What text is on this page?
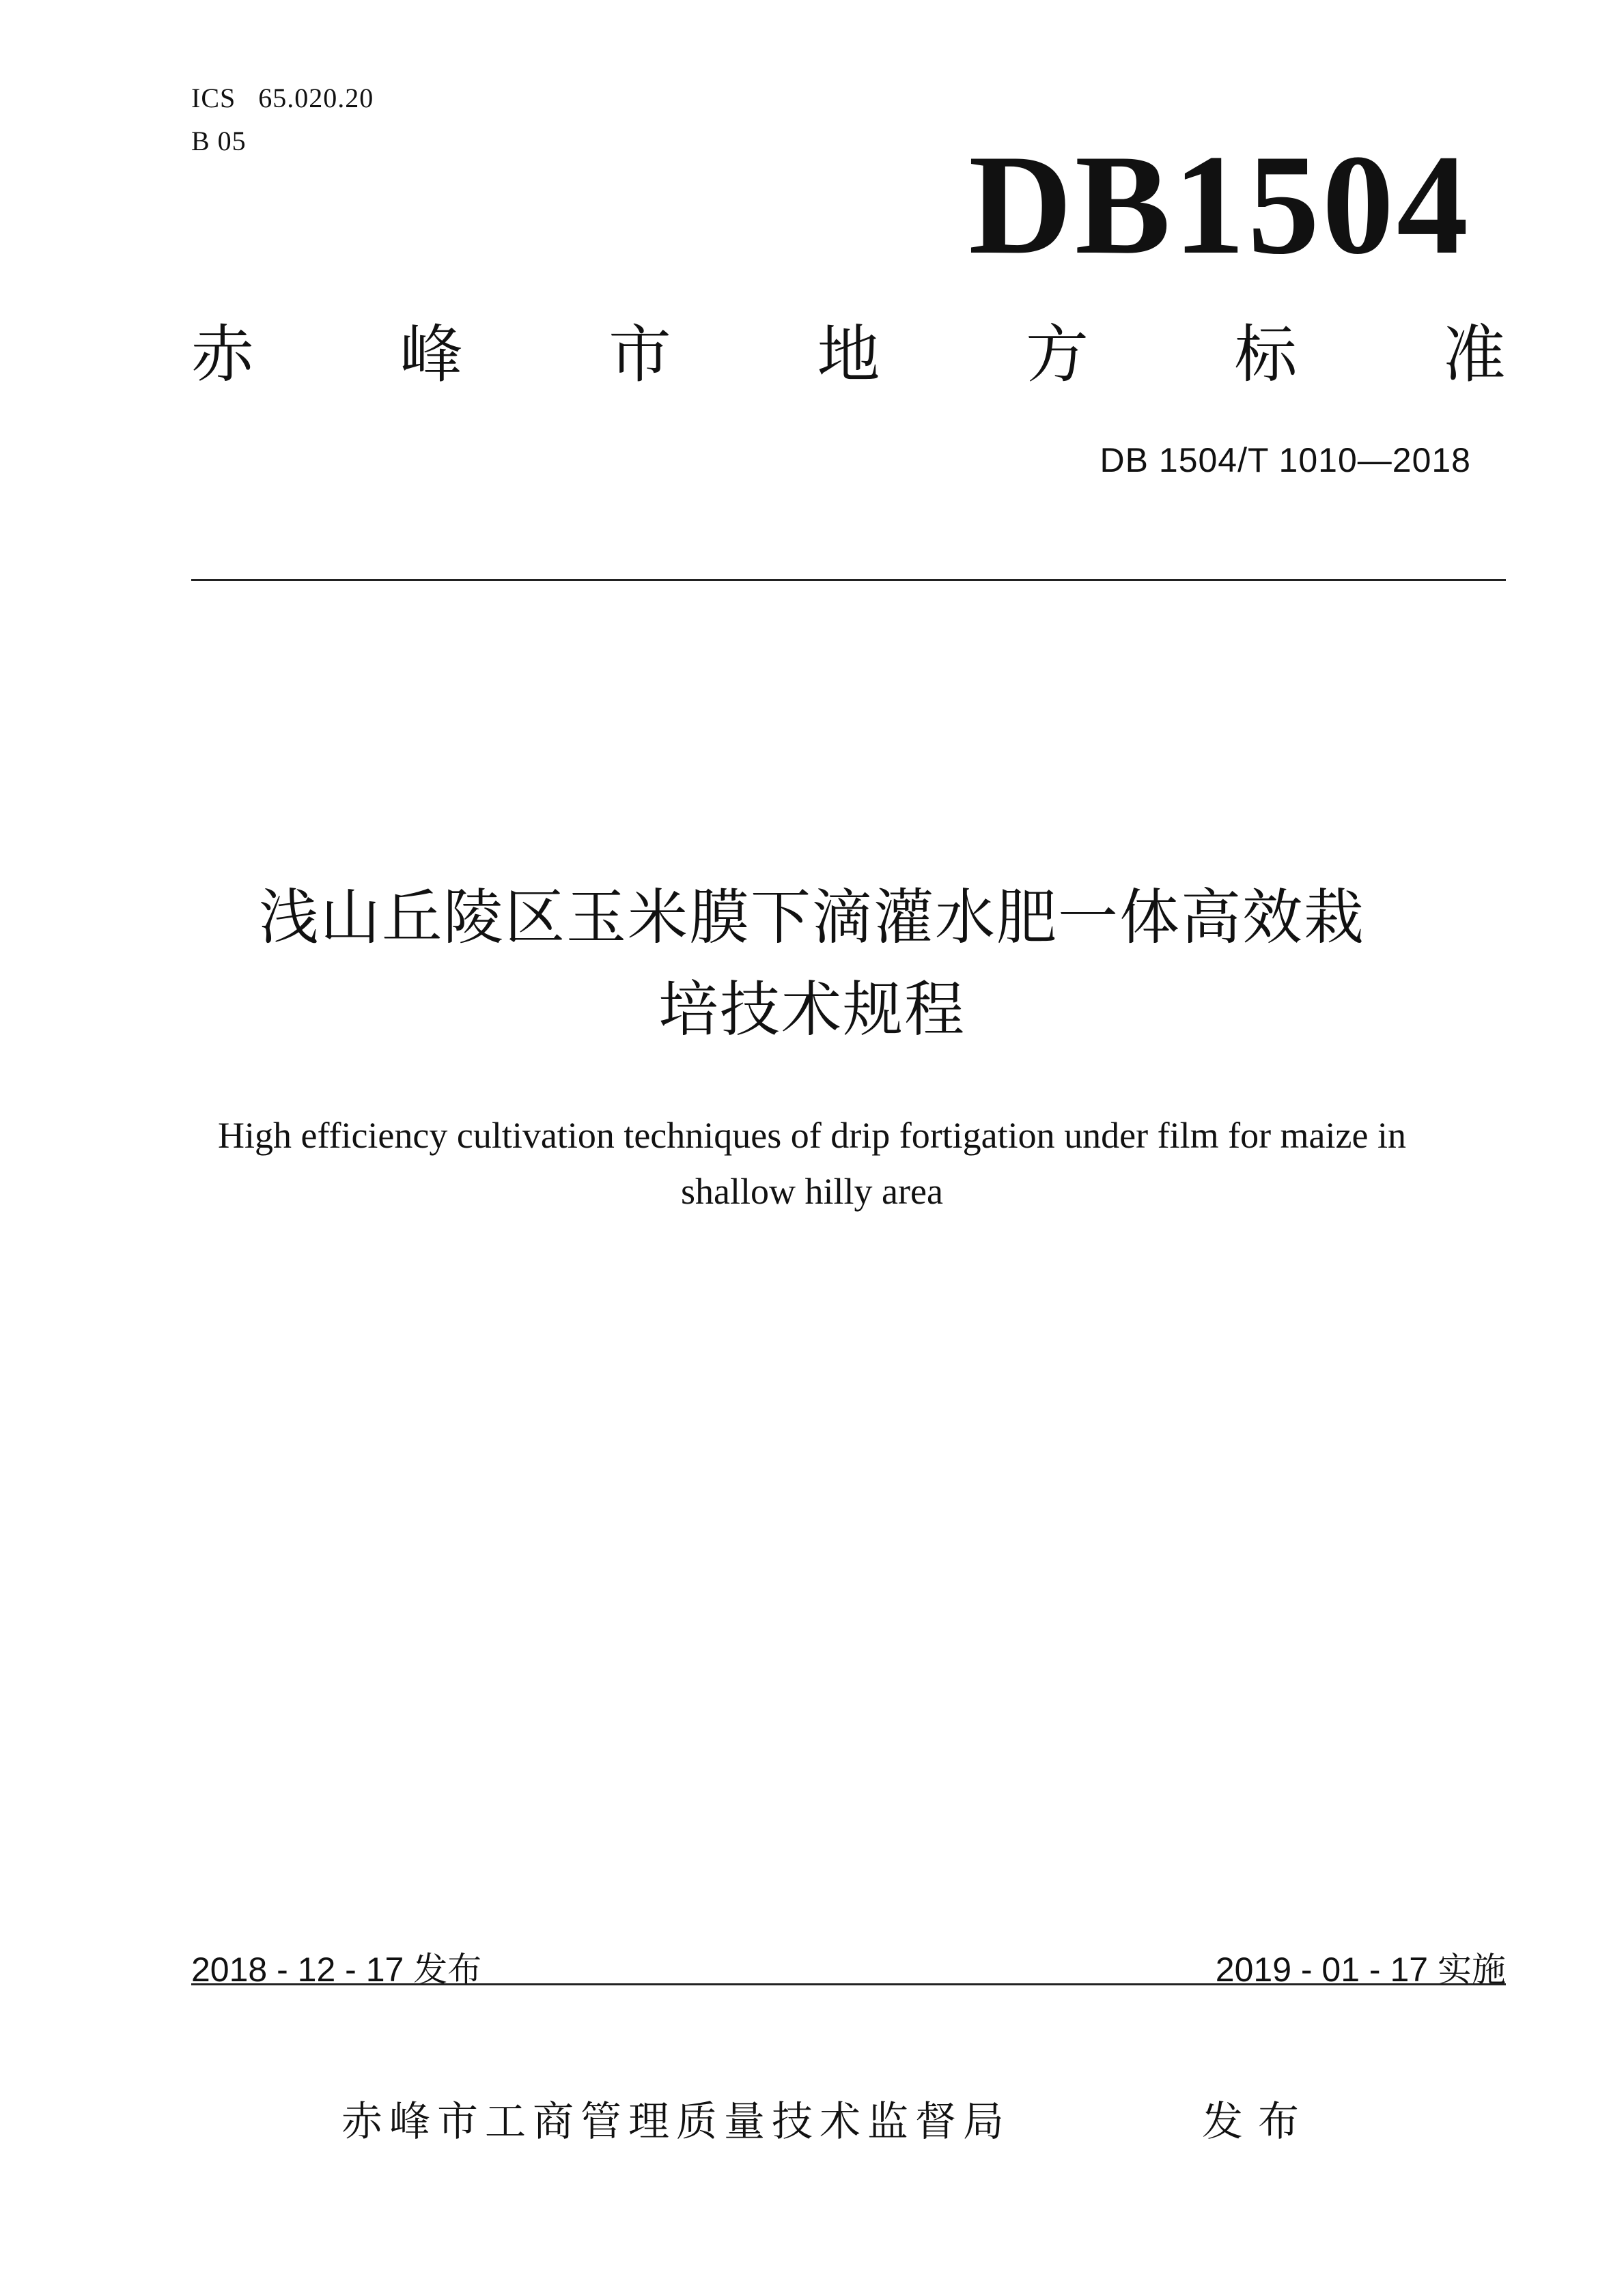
ICS   65.020.20
B 05	DB1504
赤 峰 市 地 方 标 准
DB 1504/T 1010—2018
浅山丘陵区玉米膜下滴灌水肥一体高效栽
培技术规程
High efficiency cultivation techniques of drip fortigation under film for maize in
shallow hilly area
2018 - 12 - 17 发布	2019 - 01 - 17 实施
赤峰市工商管理质量技术监督局	发布
